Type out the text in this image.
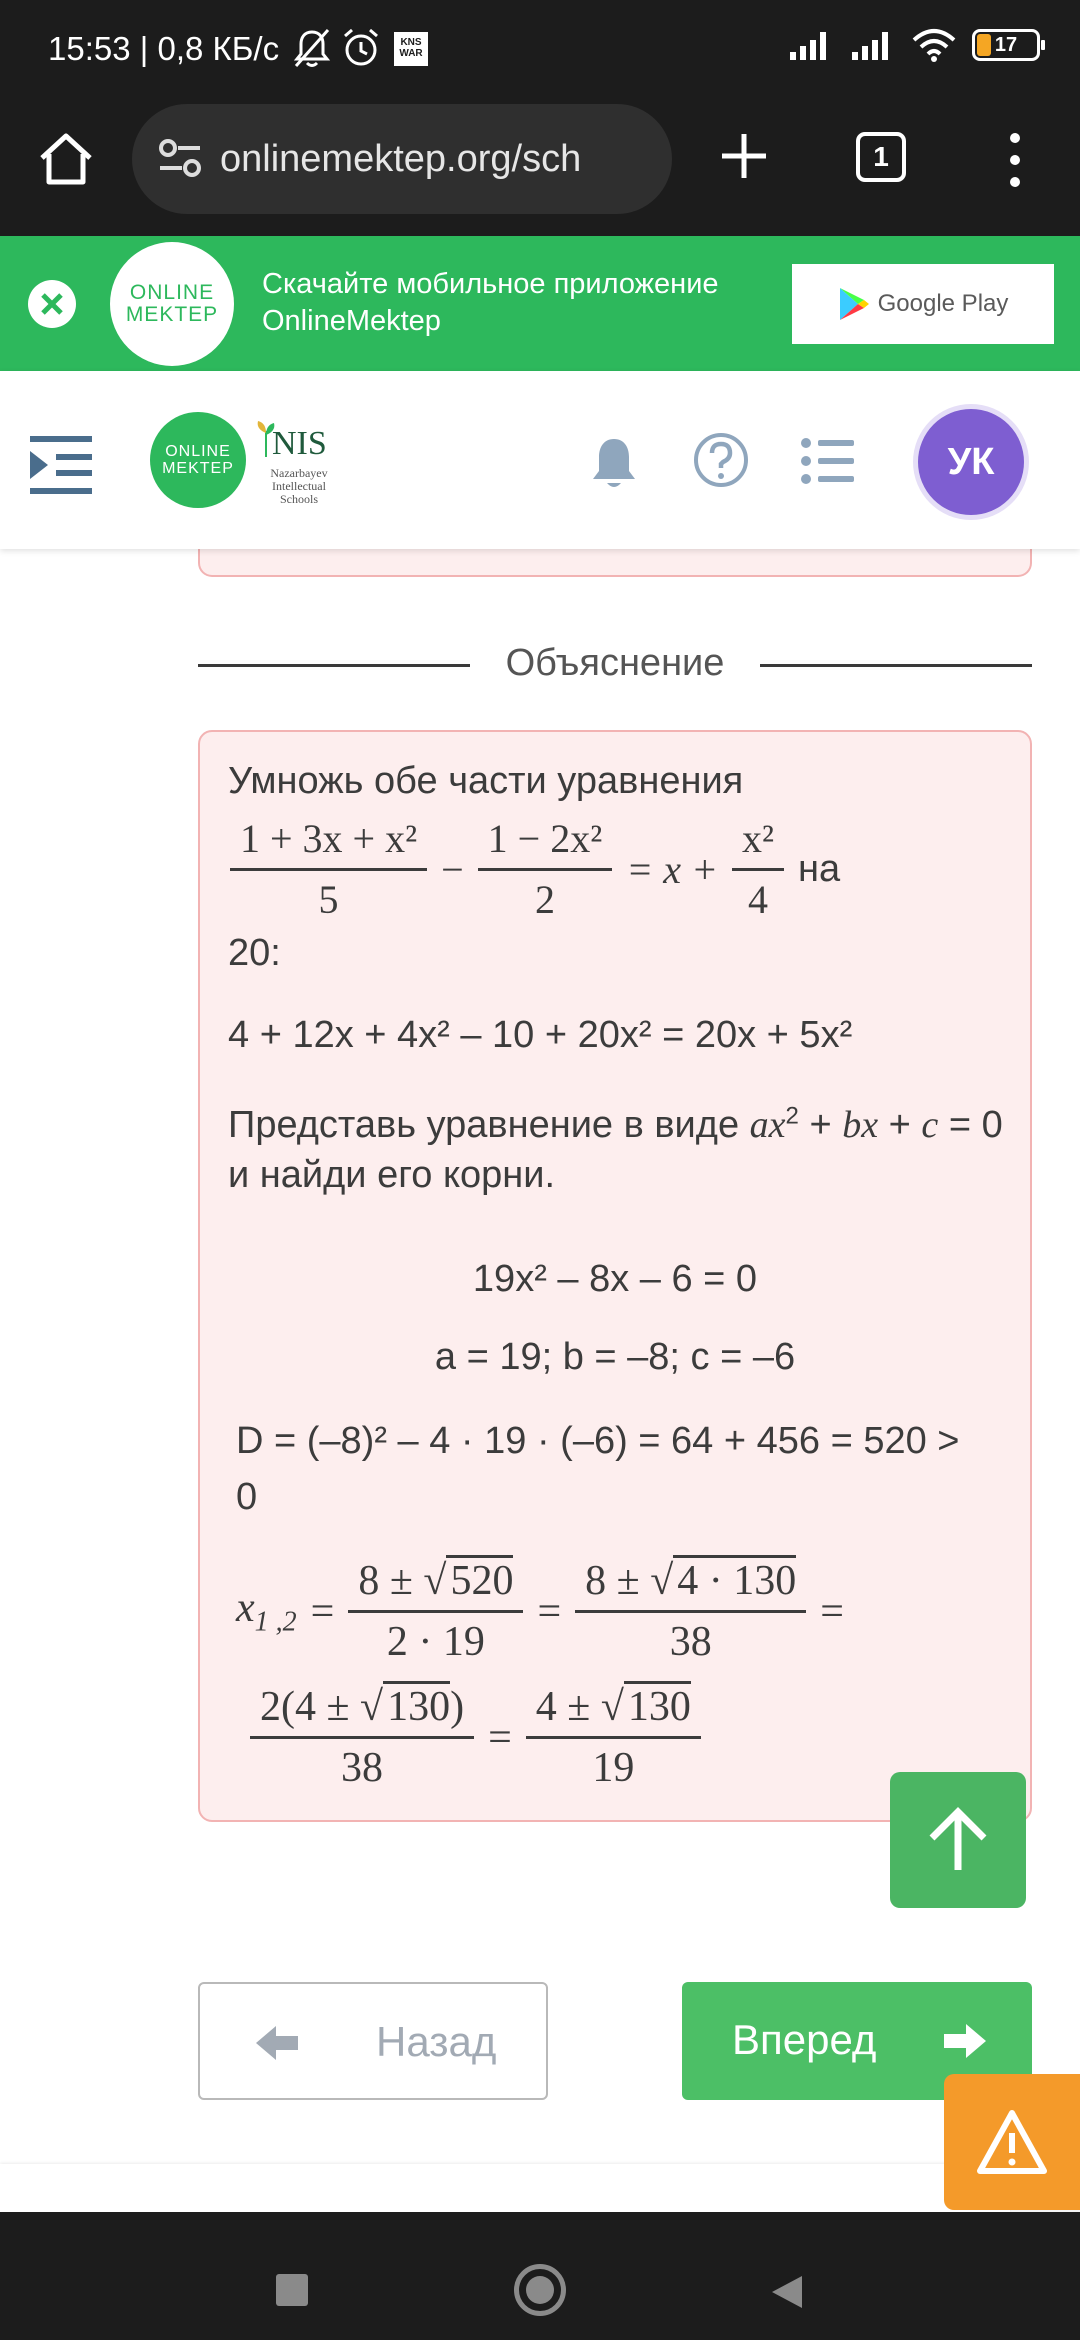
15:53 | 0,8 КБ/с	KNS
WAR	17
onlinemektep.org/sch	1
ONLINE
MEKTEP
Скачайте мобильное приложение
OnlineMektep
Google Play
ONLINE
MEKTEP
NIS
Nazarbayev Intellectual Schools
УК
Объяснение
Умножь обе части уравнения
$\frac{\text{1 + 3x + x²}}{5} - \frac{\text{1 − 2x²}}{2} = x + \frac{\text{x²}}{4}$ на
20:
4 + 12x + 4x² – 10 + 20x² = 20x + 5x²
Представь уравнение в виде $ax^2$ + bx + c = 0 и найди его корни.
19x² – 8x – 6 = 0
a = 19; b = –8; c = –6
D = (–8)² – 4 · 19 · (–6) = 64 + 456 = 520 >
0
$x_{1 ,2} = \frac{8 \pm √520}{2 \cdot 19} = \frac{8 \pm √4 \cdot 130}{38}$ =
$\frac{2(4 \pm √130)}{38} = \frac{4 \pm √130}{19}$
Назад	Вперед
